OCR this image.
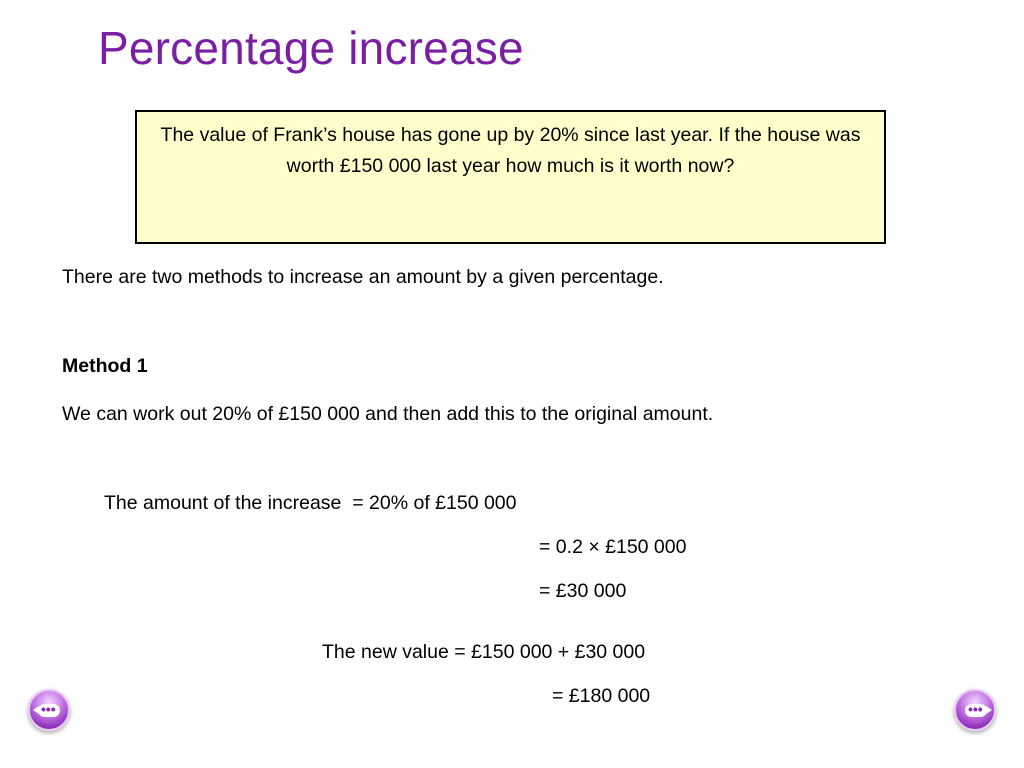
Percentage increase
The value of Frank’s house has gone up by 20% since last year. If the house was worth £150 000 last year how much is it worth now?
There are two methods to increase an amount by a given percentage.
Method 1
We can work out 20% of £150 000 and then add this to the original amount.
The amount of the increase  = 20% of £150 000
= 0.2 × £150 000
= £30 000
The new value = £150 000 + £30 000
= £180 000
•••	•••
